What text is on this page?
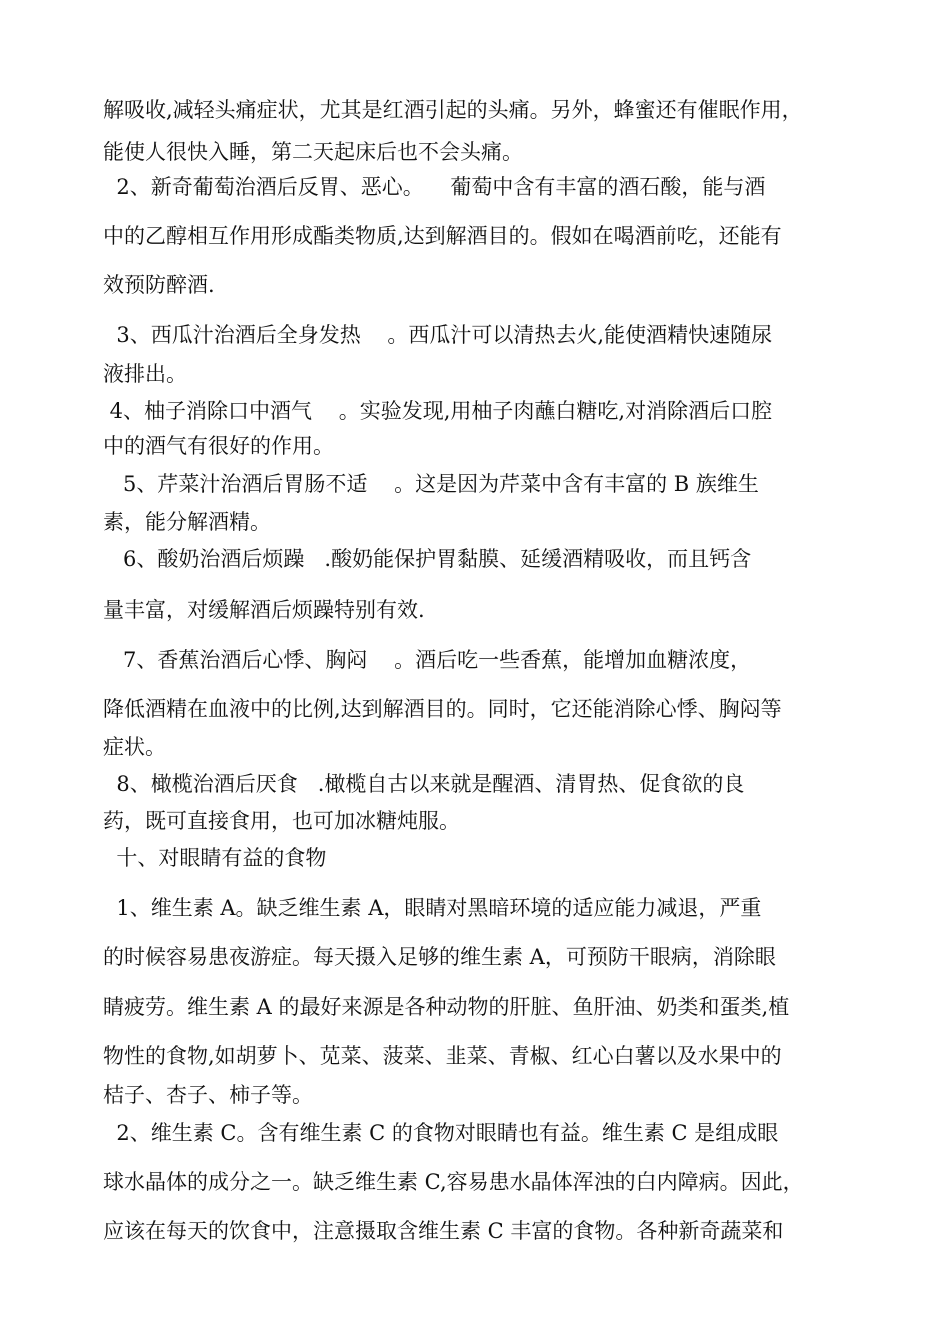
解吸收,减轻头痛症状，尤其是红酒引起的头痛。另外，蜂蜜还有催眠作用，
能使人很快入睡，第二天起床后也不会头痛。
2、新奇葡萄治酒后反胃、恶心。    葡萄中含有丰富的酒石酸，能与酒
中的乙醇相互作用形成酯类物质,达到解酒目的。假如在喝酒前吃，还能有
效预防醉酒.
3、西瓜汁治酒后全身发热    。西瓜汁可以清热去火,能使酒精快速随尿
液排出。
4、柚子消除口中酒气    。实验发现,用柚子肉蘸白糖吃,对消除酒后口腔
中的酒气有很好的作用。
5、芹菜汁治酒后胃肠不适    。这是因为芹菜中含有丰富的 B 族维生
素，能分解酒精。
6、酸奶治酒后烦躁   .酸奶能保护胃黏膜、延缓酒精吸收，而且钙含
量丰富，对缓解酒后烦躁特别有效.
7、香蕉治酒后心悸、胸闷    。酒后吃一些香蕉，能增加血糖浓度，
降低酒精在血液中的比例,达到解酒目的。同时，它还能消除心悸、胸闷等
症状。
8、橄榄治酒后厌食   .橄榄自古以来就是醒酒、清胃热、促食欲的良
药，既可直接食用，也可加冰糖炖服。
十、对眼睛有益的食物
1、维生素 A。缺乏维生素 A，眼睛对黑暗环境的适应能力减退，严重
的时候容易患夜游症。每天摄入足够的维生素 A，可预防干眼病，消除眼
睛疲劳。维生素 A 的最好来源是各种动物的肝脏、鱼肝油、奶类和蛋类,植
物性的食物,如胡萝卜、苋菜、菠菜、韭菜、青椒、红心白薯以及水果中的
桔子、杏子、柿子等。
2、维生素 C。含有维生素 C 的食物对眼睛也有益。维生素 C 是组成眼
球水晶体的成分之一。缺乏维生素 C,容易患水晶体浑浊的白内障病。因此，
应该在每天的饮食中，注意摄取含维生素 C 丰富的食物。各种新奇蔬菜和
